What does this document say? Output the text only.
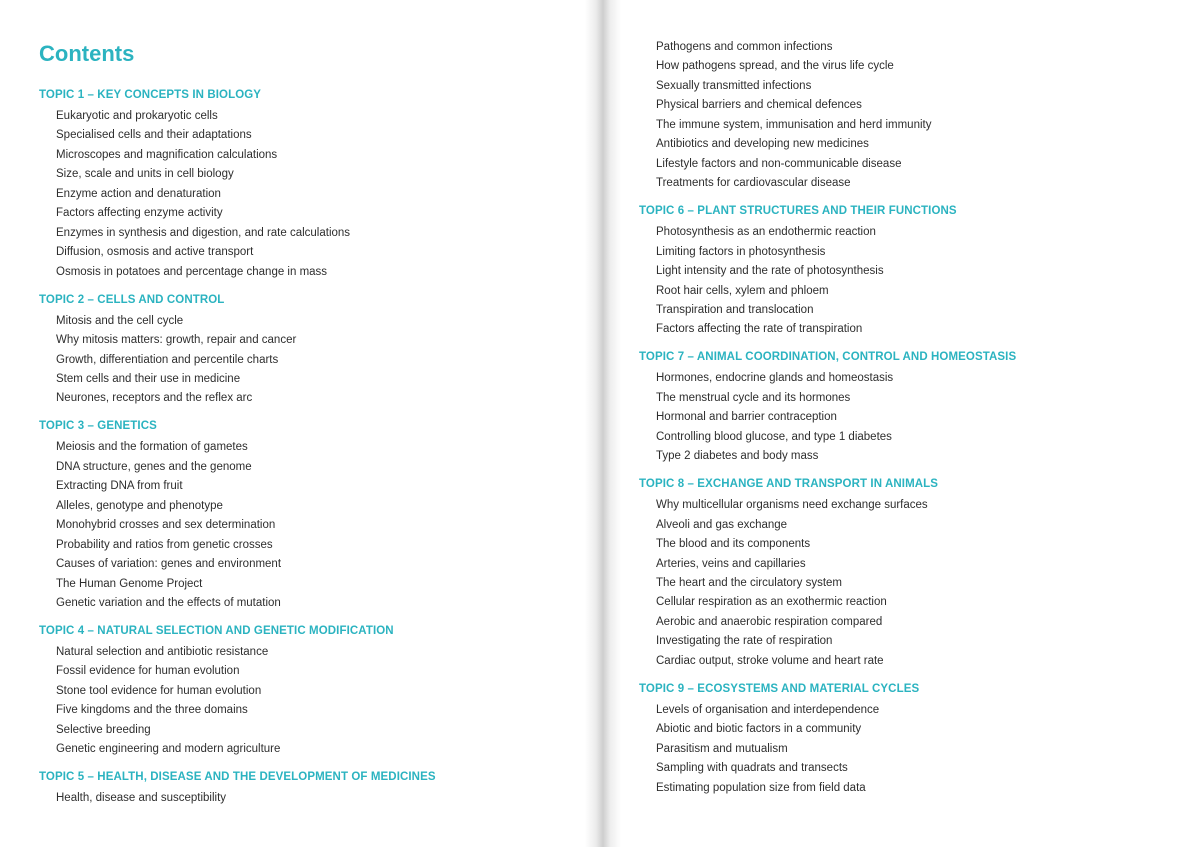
Contents
TOPIC 1 – KEY CONCEPTS IN BIOLOGY

Eukaryotic and prokaryotic cells

Specialised cells and their adaptations

Microscopes and magnification calculations

Size, scale and units in cell biology

Enzyme action and denaturation

Factors affecting enzyme activity

Enzymes in synthesis and digestion, and rate calculations

Diffusion, osmosis and active transport

Osmosis in potatoes and percentage change in mass

TOPIC 2 – CELLS AND CONTROL

Mitosis and the cell cycle

Why mitosis matters: growth, repair and cancer

Growth, differentiation and percentile charts

Stem cells and their use in medicine

Neurones, receptors and the reflex arc

TOPIC 3 – GENETICS

Meiosis and the formation of gametes

DNA structure, genes and the genome

Extracting DNA from fruit

Alleles, genotype and phenotype

Monohybrid crosses and sex determination

Probability and ratios from genetic crosses

Causes of variation: genes and environment

The Human Genome Project

Genetic variation and the effects of mutation

TOPIC 4 – NATURAL SELECTION AND GENETIC MODIFICATION

Natural selection and antibiotic resistance

Fossil evidence for human evolution

Stone tool evidence for human evolution

Five kingdoms and the three domains

Selective breeding

Genetic engineering and modern agriculture

TOPIC 5 – HEALTH, DISEASE AND THE DEVELOPMENT OF MEDICINES

Health, disease and susceptibility

Pathogens and common infections

How pathogens spread, and the virus life cycle

Sexually transmitted infections

Physical barriers and chemical defences

The immune system, immunisation and herd immunity

Antibiotics and developing new medicines

Lifestyle factors and non-communicable disease

Treatments for cardiovascular disease

TOPIC 6 – PLANT STRUCTURES AND THEIR FUNCTIONS

Photosynthesis as an endothermic reaction

Limiting factors in photosynthesis

Light intensity and the rate of photosynthesis

Root hair cells, xylem and phloem

Transpiration and translocation

Factors affecting the rate of transpiration

TOPIC 7 – ANIMAL COORDINATION, CONTROL AND HOMEOSTASIS

Hormones, endocrine glands and homeostasis

The menstrual cycle and its hormones

Hormonal and barrier contraception

Controlling blood glucose, and type 1 diabetes

Type 2 diabetes and body mass

TOPIC 8 – EXCHANGE AND TRANSPORT IN ANIMALS

Why multicellular organisms need exchange surfaces

Alveoli and gas exchange

The blood and its components

Arteries, veins and capillaries

The heart and the circulatory system

Cellular respiration as an exothermic reaction

Aerobic and anaerobic respiration compared

Investigating the rate of respiration

Cardiac output, stroke volume and heart rate

TOPIC 9 – ECOSYSTEMS AND MATERIAL CYCLES

Levels of organisation and interdependence

Abiotic and biotic factors in a community

Parasitism and mutualism

Sampling with quadrats and transects

Estimating population size from field data
